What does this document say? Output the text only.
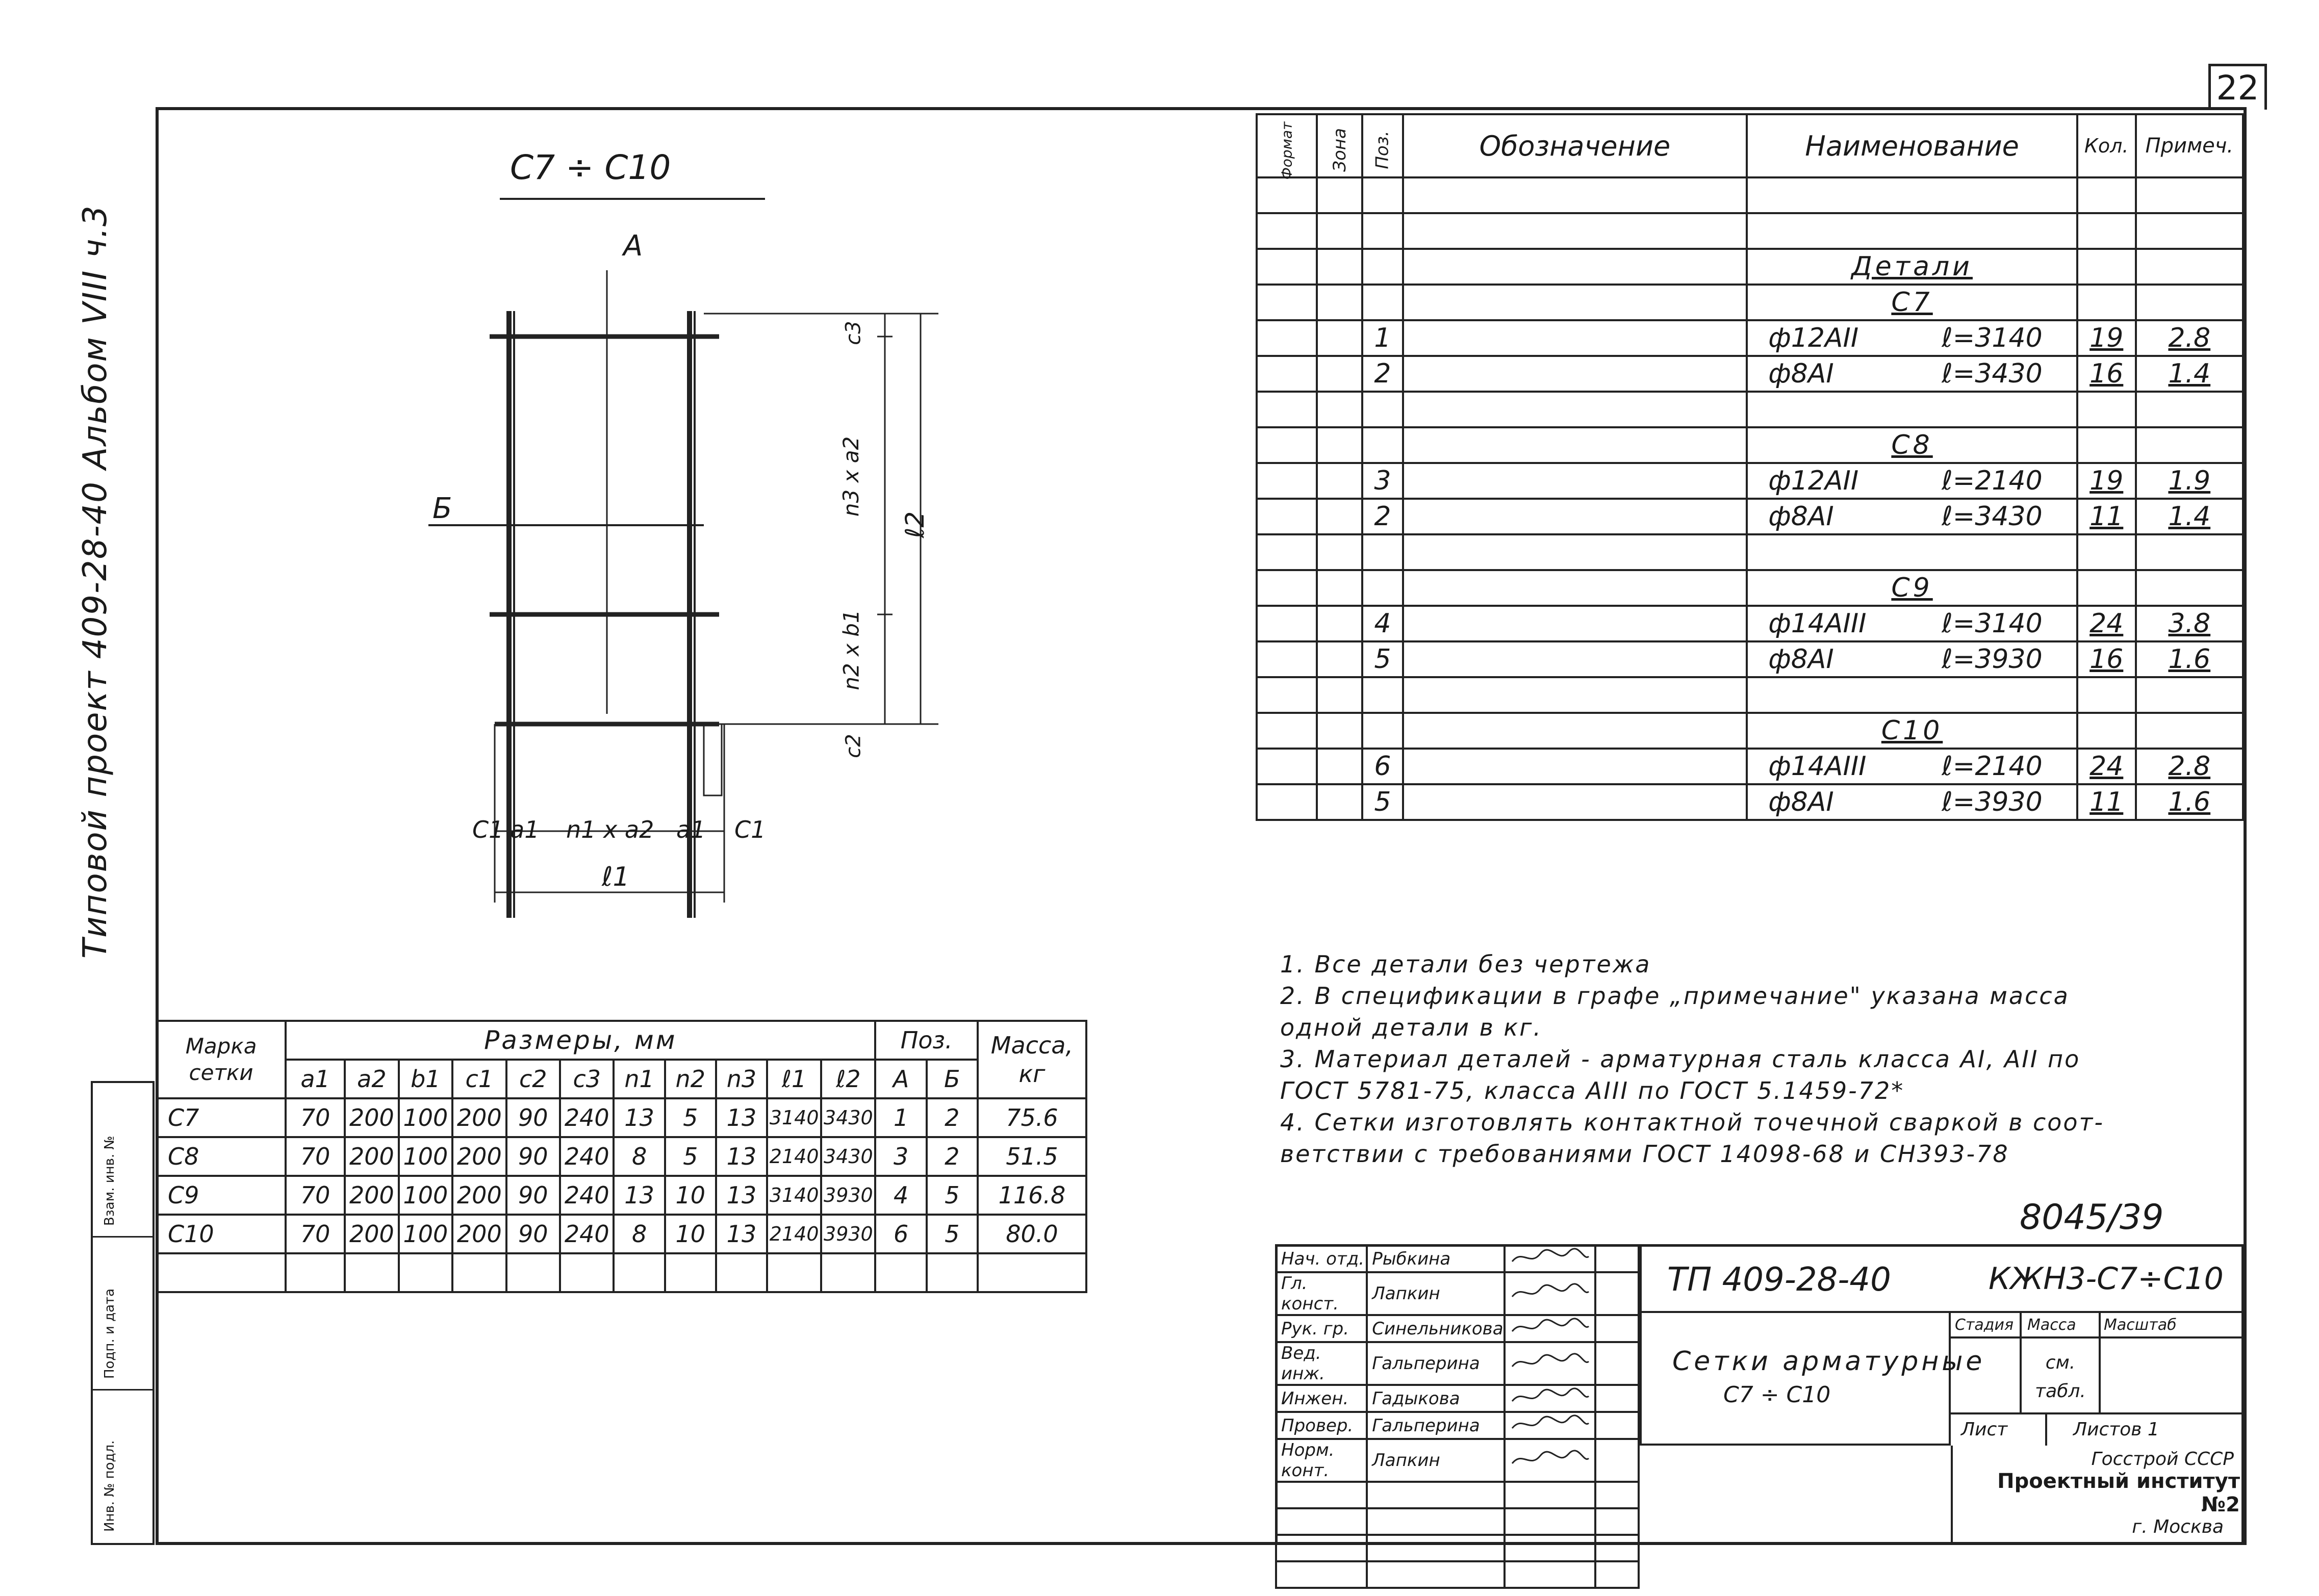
22
Типовой проект 409-28-40 Альбом VIII ч.3
Инв. № подл.
Подп. и дата
Взам. инв. №
С7 ÷ С10
А
Б
с3
n3 x a2
ℓ2
n2 x b1
с2
С1 а1 n1 x a2 а1 С1
ℓ1
Формат	Зона	Поз.	Обозначение	Наименование	Кол.	Примеч.

				Детали		
				С7		
		1		ф12АII ℓ=3140	19	2.8
		2		ф8АI ℓ=3430	16	1.4

				С8		
		3		ф12АII ℓ=2140	19	1.9
		2		ф8АI ℓ=3430	11	1.4

				С9		
		4		ф14АIII ℓ=3140	24	3.8
		5		ф8АI ℓ=3930	16	1.6

				С10		
		6		ф14АIII ℓ=2140	24	2.8
		5		ф8АI ℓ=3930	11	1.6

1. Все детали без чертежа
2. В спецификации в графе „примечание" указана масса
одной детали в кг.
3. Материал деталей - арматурная сталь класса АI, АII по
ГОСТ 5781-75, класса АIII по ГОСТ 5.1459-72*
4. Сетки изготовлять контактной точечной сваркой в соот-
ветствии с требованиями ГОСТ 14098-68 и СН393-78
Марка сетки	Размеры, мм											Поз.		Масса, кг
	а1	а2	b1	с1	с2	с3	n1	n2	n3	ℓ1	ℓ2	А	Б	
С7	70	200	100	200	90	240	13	5	13	3140	3430	1	2	75.6
С8	70	200	100	200	90	240	8	5	13	2140	3430	3	2	51.5
С9	70	200	100	200	90	240	13	10	13	3140	3930	4	5	116.8
С10	70	200	100	200	90	240	8	10	13	2140	3930	6	5	80.0
															8045/39
Нач. отд.	Рыбкина		
Гл. конст.	Лапкин		
Рук. гр.	Синельникова		
Вед. инж.	Гальперина		
Инжен.	Гадыкова		
Провер.	Гальперина		
Норм. конт.	Лапкин		

ТП 409-28-40	КЖН3-С7÷С10
Сетки арматурные
С7 ÷ С10
Стадия Масса Масштаб
см. табл.
Лист	Листов 1
Госстрой СССР
Проектный институт №2
г. Москва
